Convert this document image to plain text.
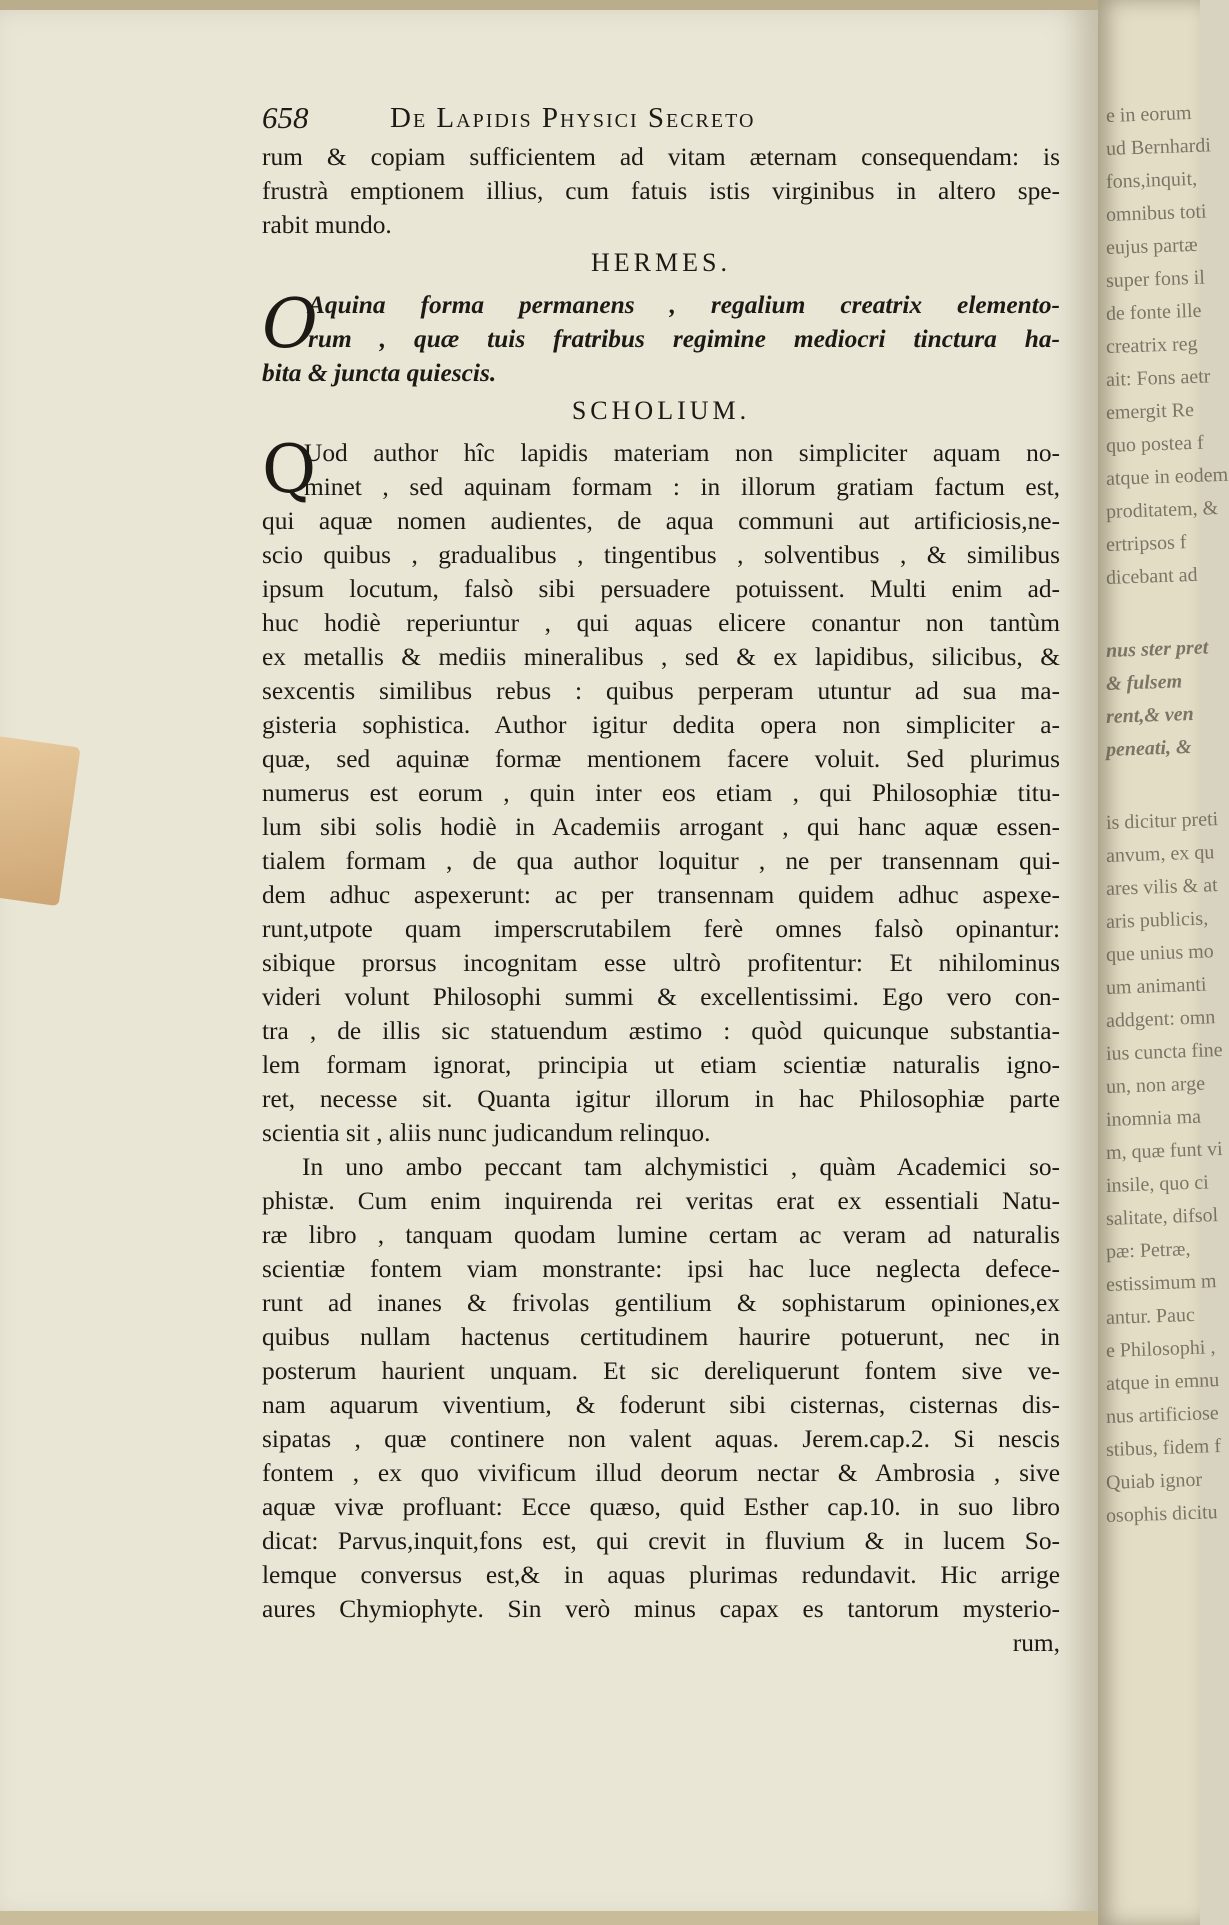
658	De Lapidis Physici Secreto

rum & copiam sufficientem ad vitam æternam consequendam: is
frustrà emptionem illius, cum fatuis istis virginibus in altero spe-
rabit mundo.

HERMES.
O
Aquina forma permanens , regalium creatrix elemento-
rum , quæ tuis fratribus regimine mediocri tinctura ha-
bita & juncta quiescis.
SCHOLIUM.

Q
Uod author hîc lapidis materiam non simpliciter aquam no-
minet , sed aquinam formam : in illorum gratiam factum est,
qui aquæ nomen audientes, de aqua communi aut artificiosis,ne-
scio quibus , gradualibus , tingentibus , solventibus , & similibus
ipsum locutum, falsò sibi persuadere potuissent. Multi enim ad-
huc hodiè reperiuntur , qui aquas elicere conantur non tantùm
ex metallis & mediis mineralibus , sed & ex lapidibus, silicibus, &
sexcentis similibus rebus : quibus perperam utuntur ad sua ma-
gisteria sophistica. Author igitur dedita opera non simpliciter a-
quæ, sed aquinæ formæ mentionem facere voluit. Sed plurimus
numerus est eorum , quin inter eos etiam , qui Philosophiæ titu-
lum sibi solis hodiè in Academiis arrogant , qui hanc aquæ essen-
tialem formam , de qua author loquitur , ne per transennam qui-
dem adhuc aspexerunt: ac per transennam quidem adhuc aspexe-
runt,utpote quam imperscrutabilem ferè omnes falsò opinantur:
sibique prorsus incognitam esse ultrò profitentur: Et nihilominus
videri volunt Philosophi summi & excellentissimi. Ego vero con-
tra , de illis sic statuendum æstimo : quòd quicunque substantia-
lem formam ignorat, principia ut etiam scientiæ naturalis igno-
ret, necesse sit. Quanta igitur illorum in hac Philosophiæ parte
scientia sit , aliis nunc judicandum relinquo.

In uno ambo peccant tam alchymistici , quàm Academici so-
phistæ. Cum enim inquirenda rei veritas erat ex essentiali Natu-
ræ libro , tanquam quodam lumine certam ac veram ad naturalis
scientiæ fontem viam monstrante: ipsi hac luce neglecta defece-
runt ad inanes & frivolas gentilium & sophistarum opiniones,ex
quibus nullam hactenus certitudinem haurire potuerunt, nec in
posterum haurient unquam. Et sic dereliquerunt fontem sive ve-
nam aquarum viventium, & foderunt sibi cisternas, cisternas dis-
sipatas , quæ continere non valent aquas. Jerem.cap.2. Si nescis
fontem , ex quo vivificum illud deorum nectar & Ambrosia , sive
aquæ vivæ profluant: Ecce quæso, quid Esther cap.10. in suo libro
dicat: Parvus,inquit,fons est, qui crevit in fluvium & in lucem So-
lemque conversus est,& in aquas plurimas redundavit. Hic arrige
aures Chymiophyte. Sin verò minus capax es tantorum mysterio-

rum,

e in eorum
ud Bernhardi
fons,inquit,
omnibus toti
eujus partæ
super fons il
de fonte ille
creatrix reg
ait: Fons aetr
emergit Re
quo postea f
atque in eodem
proditatem, &
ertripsos f
dicebant ad
nus ster pret
& fulsem
rent,& ven
peneati, &
is dicitur preti
anvum, ex qu
ares vilis & at
aris publicis,
que unius mo
um animanti
addgent: omn
ius cuncta fine
un, non arge
inomnia ma
m, quæ funt vi
insile, quo ci
salitate, difsol
pæ: Petræ,
estissimum m
antur. Pauc
e Philosophi ,
atque in emnu
nus artificiose
stibus, fidem f
Quiab ignor
osophis dicitu
